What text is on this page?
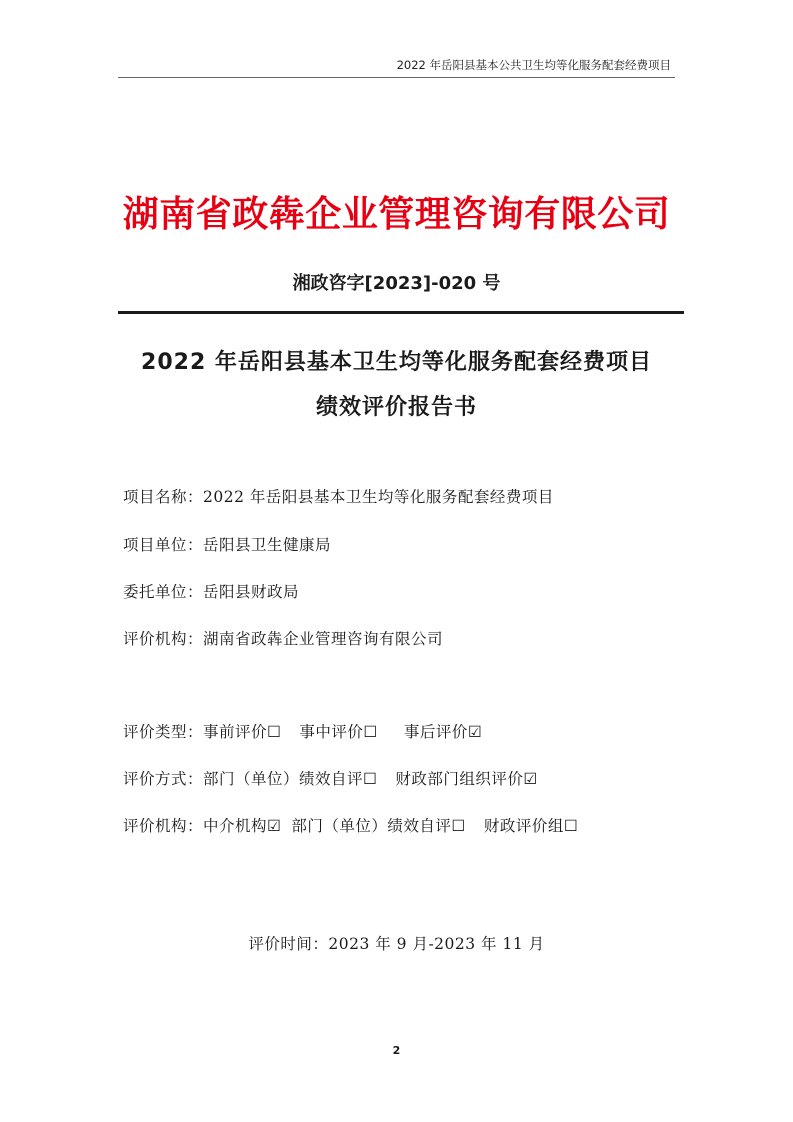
2022 年岳阳县基本公共卫生均等化服务配套经费项目
湖南省政犇企业管理咨询有限公司
湘政咨字[2023]-020 号
2022 年岳阳县基本卫生均等化服务配套经费项目
绩效评价报告书
项目名称：2022 年岳阳县基本卫生均等化服务配套经费项目
项目单位：岳阳县卫生健康局
委托单位：岳阳县财政局
评价机构：湖南省政犇企业管理咨询有限公司
评价类型：事前评价☐ 事中评价☐ 事后评价☑
评价方式：部门（单位）绩效自评☐ 财政部门组织评价☑
评价机构：中介机构☑ 部门（单位）绩效自评☐ 财政评价组☐
评价时间：2023 年 9 月-2023 年 11 月
2
